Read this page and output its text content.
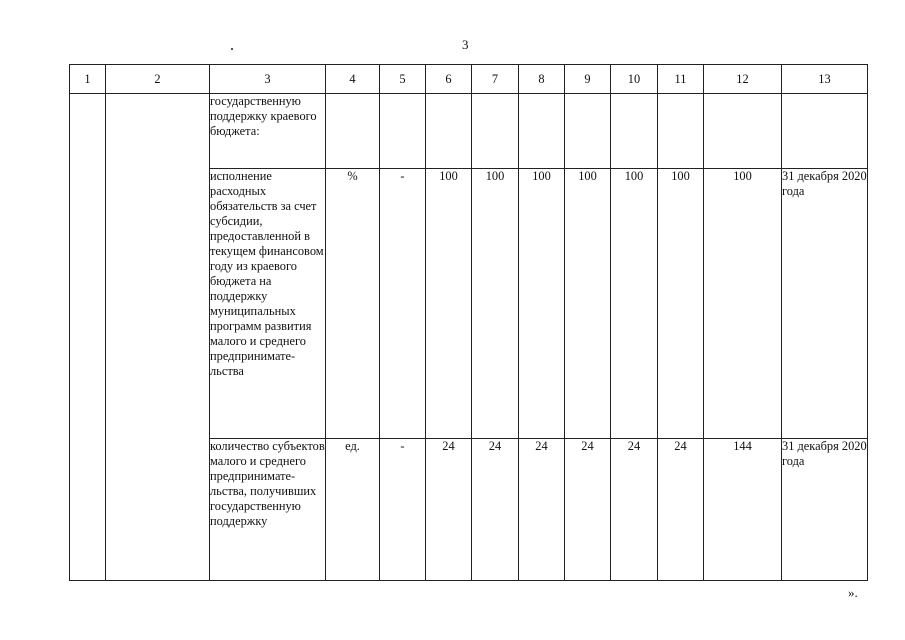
3
1	2	3	4	5	6	7	8	9	10	11	12	13
		государственную поддержку краевого бюджета:										
		исполнение расходных обязательств за счет субсидии, предоставленной в текущем финансовом году из краевого бюджета на поддержку муниципальных программ развития малого и среднего предпринимате-льства	%	-	100	100	100	100	100	100	100	31 декабря 2020 года
		количество субъектов малого и среднего предпринимате-льства, получивших государственную поддержку	ед.	-	24	24	24	24	24	24	144	31 декабря 2020 года
».
